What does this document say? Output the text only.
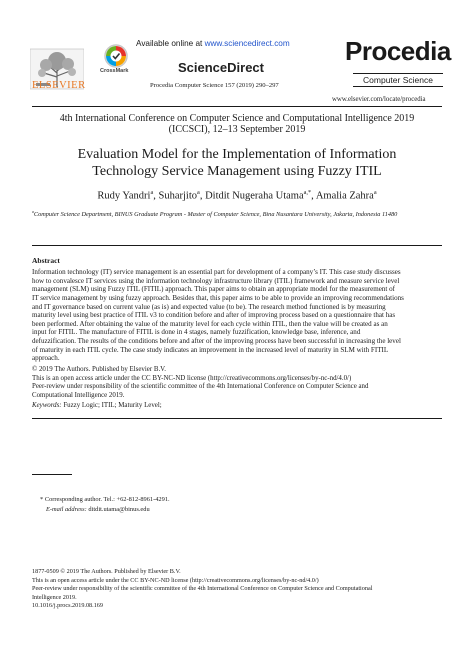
ELSEVIER
Available online at www.sciencedirect.com
CrossMark	ScienceDirect
Procedia Computer Science 157 (2019) 290–297
Procedia
Computer Science
www.elsevier.com/locate/procedia
4th International Conference on Computer Science and Computational Intelligence 2019
(ICCSCI), 12–13 September 2019
Evaluation Model for the Implementation of Information
Technology Service Management using Fuzzy ITIL
Rudy Yandri$^a$, Suharjito$^a$, Ditdit Nugeraha Utama$^{a,*}$, Amalia Zahra$^a$
$^a$Computer Science Department, BINUS Graduate Program - Master of Computer Science, Bina Nusantara University, Jakarta, Indonesia 11480
Abstract
Information technology (IT) service management is an essential part for development of a company’s IT. This case study discusses
how to convalesce IT services using the information technology infrastructure library (ITIL) framework and measure service level
management (SLM) using Fuzzy ITIL (FITIL) approach. This paper aims to obtain an appropriate model for the measurement of
IT service management by using fuzzy approach. Besides that, this paper aims to be able to provide an improving recommendations
and IT governance based on current value (as is) and expected value (to be). The research method functioned is by measuring
maturity level using best practice of ITIL v3 to condition before and after of improving process based on a questionnaire that has
been performed. After obtaining the value of the maturity level for each cycle within ITIL, then the value will be created as an
input for FITIL. The manufacture of FITIL is done in 4 stages, namely fuzzification, knowledge base, inference, and
defuzzification. The results of the conditions before and after of the improving process have been successful in increasing the level
of maturity in each ITIL cycle. The case study indicates an improvement in the increased level of maturity in SLM with FITIL
approach.
© 2019 The Authors. Published by Elsevier B.V.
This is an open access article under the CC BY-NC-ND license (http://creativecommons.org/licenses/by-nc-nd/4.0/)
Peer-review under responsibility of the scientific committee of the 4th International Conference on Computer Science and
Computational Intelligence 2019.
Keywords: Fuzzy Logic; ITIL; Maturity Level;
* Corresponding author. Tel.: +62-812-8961-4291.
E-mail address: ditdit.utama@binus.edu
1877-0509 © 2019 The Authors. Published by Elsevier B.V.
This is an open access article under the CC BY-NC-ND license (http://creativecommons.org/licenses/by-nc-nd/4.0/)
Peer-review under responsibility of the scientific committee of the 4th International Conference on Computer Science and Computational
Intelligence 2019.
10.1016/j.procs.2019.08.169
